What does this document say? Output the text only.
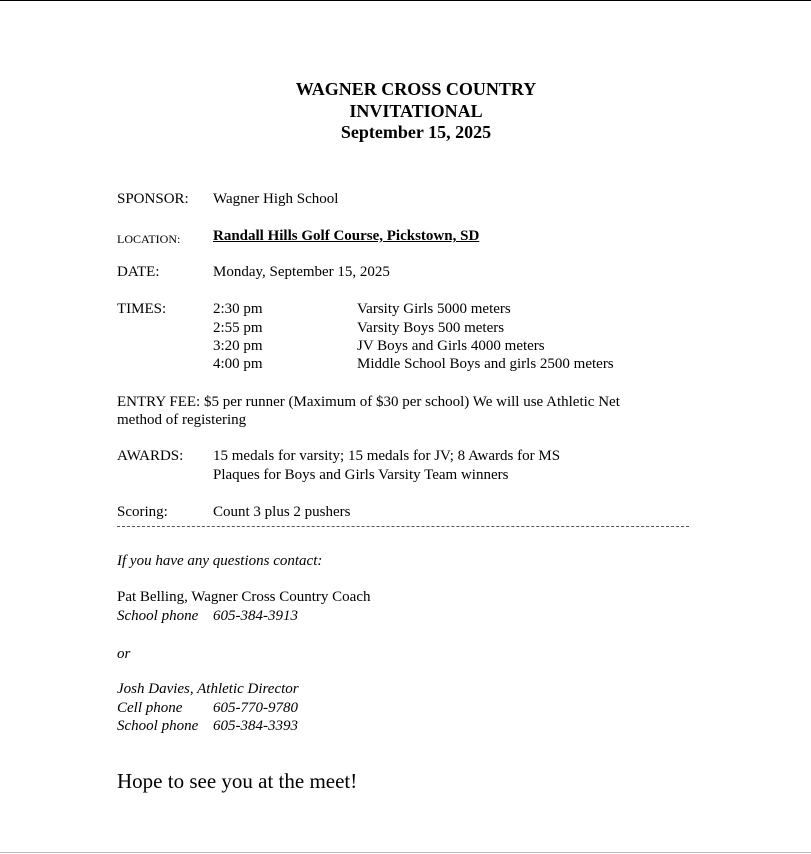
WAGNER CROSS COUNTRY
INVITATIONAL
September 15, 2025
SPONSOR: Wagner High School
LOCATION: Randall Hills Golf Course, Pickstown, SD
DATE:	Monday, September 15, 2025
TIMES:	2:30 pm	Varsity Girls 5000 meters
2:55 pm	Varsity Boys 500 meters
3:20 pm	JV Boys and Girls 4000 meters
4:00 pm	Middle School Boys and girls 2500 meters
ENTRY FEE: $5 per runner (Maximum of $30 per school) We will use Athletic Net
method of registering
AWARDS: 15 medals for varsity; 15 medals for JV; 8 Awards for MS
Plaques for Boys and Girls Varsity Team winners
Scoring:	Count 3 plus 2 pushers
If you have any questions contact:
Pat Belling, Wagner Cross Country Coach
School phone 605-384-3913
or
Josh Davies, Athletic Director
Cell phone 605-770-9780
School phone 605-384-3393
Hope to see you at the meet!
